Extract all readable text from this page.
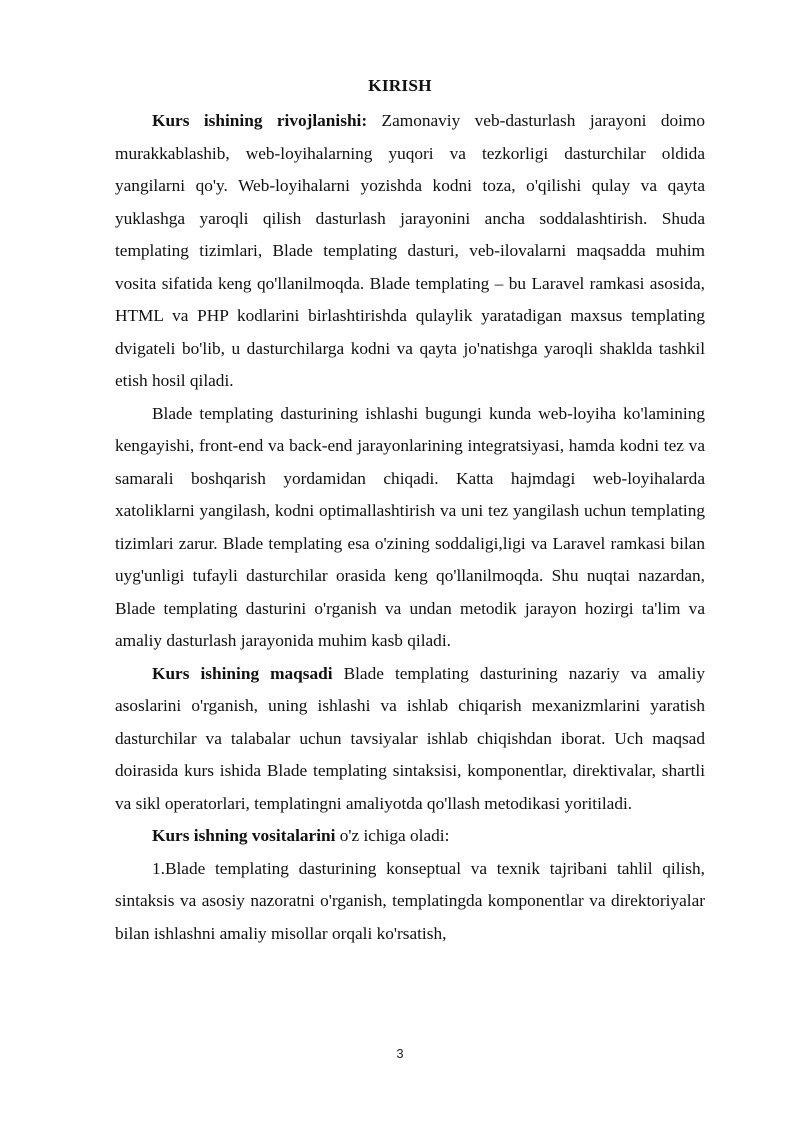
KIRISH

Kurs ishining rivojlanishi: Zamonaviy veb-dasturlash jarayoni doimo murakkablashib, web-loyihalarning yuqori va tezkorligi dasturchilar oldida yangilarni qo'y. Web-loyihalarni yozishda kodni toza, o'qilishi qulay va qayta yuklashga yaroqli qilish dasturlash jarayonini ancha soddalashtirish. Shuda templating tizimlari, Blade templating dasturi, veb-ilovalarni maqsadda muhim vosita sifatida keng qo'llanilmoqda. Blade templating – bu Laravel ramkasi asosida, HTML va PHP kodlarini birlashtirishda qulaylik yaratadigan maxsus templating dvigateli bo'lib, u dasturchilarga kodni va qayta jo'natishga yaroqli shaklda tashkil etish hosil qiladi.

Blade templating dasturining ishlashi bugungi kunda web-loyiha ko'lamining kengayishi, front-end va back-end jarayonlarining integratsiyasi, hamda kodni tez va samarali boshqarish yordamidan chiqadi. Katta hajmdagi web-loyihalarda xatoliklarni yangilash, kodni optimallashtirish va uni tez yangilash uchun templating tizimlari zarur. Blade templating esa o'zining soddaligi,ligi va Laravel ramkasi bilan uyg'unligi tufayli dasturchilar orasida keng qo'llanilmoqda. Shu nuqtai nazardan, Blade templating dasturini o'rganish va undan metodik jarayon hozirgi ta'lim va amaliy dasturlash jarayonida muhim kasb qiladi.

Kurs ishining maqsadi Blade templating dasturining nazariy va amaliy asoslarini o'rganish, uning ishlashi va ishlab chiqarish mexanizmlarini yaratish dasturchilar va talabalar uchun tavsiyalar ishlab chiqishdan iborat. Uch maqsad doirasida kurs ishida Blade templating sintaksisi, komponentlar, direktivalar, shartli va sikl operatorlari, templatingni amaliyotda qo'llash metodikasi yoritiladi.

Kurs ishning vositalarini o'z ichiga oladi:

1.Blade templating dasturining konseptual va texnik tajribani tahlil qilish, sintaksis va asosiy nazoratni o'rganish, templatingda komponentlar va direktoriyalar bilan ishlashni amaliy misollar orqali ko'rsatish,

3
